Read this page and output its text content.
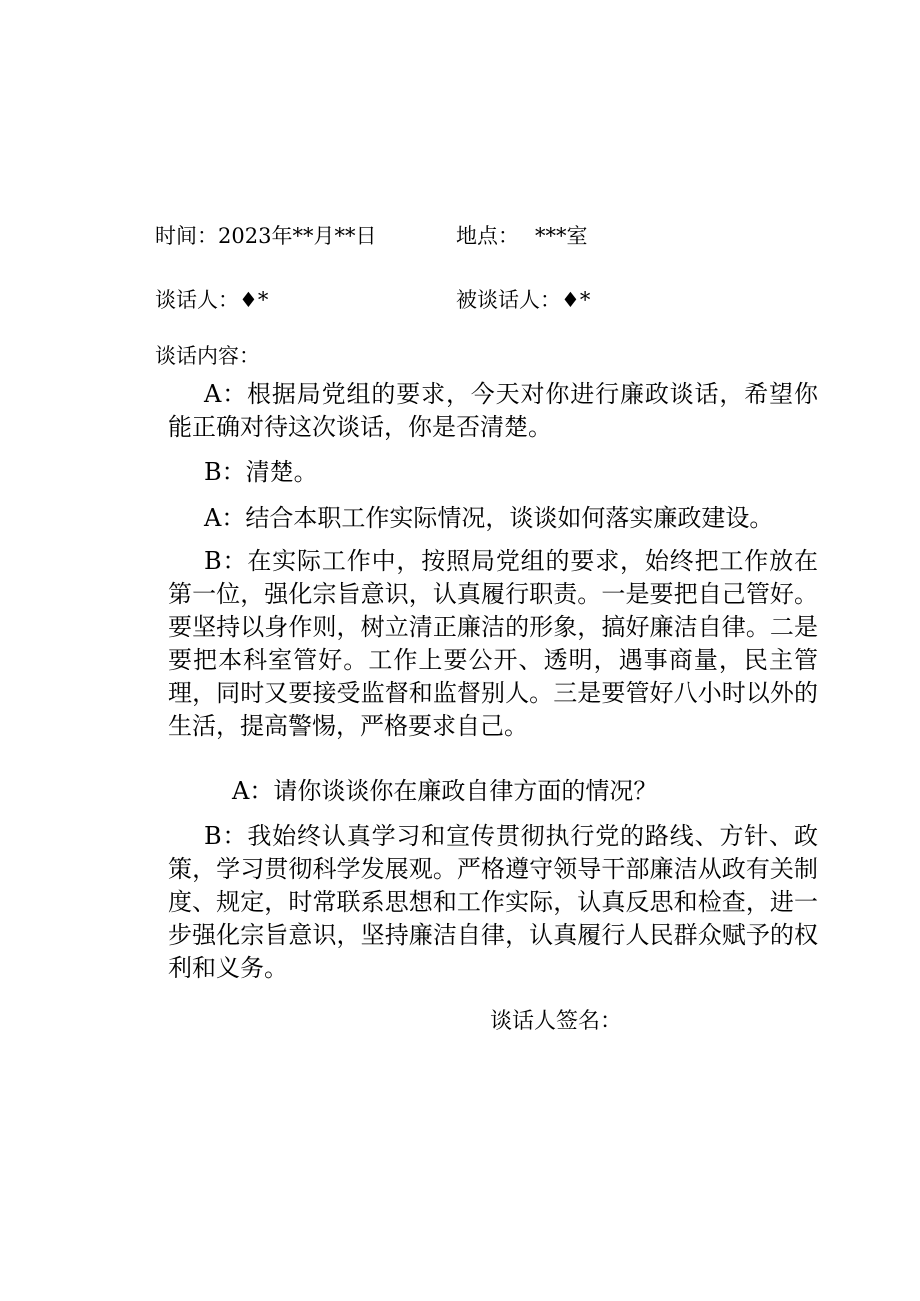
时间：2023年**月**日	地点： ***室
谈话人：♦*	被谈话人：♦*
谈话内容：
A：根据局党组的要求，今天对你进行廉政谈话，希望你能正确对待这次谈话，你是否清楚。
B：清楚。
A：结合本职工作实际情况，谈谈如何落实廉政建设。
B：在实际工作中，按照局党组的要求，始终把工作放在第一位，强化宗旨意识，认真履行职责。一是要把自己管好。要坚持以身作则，树立清正廉洁的形象，搞好廉洁自律。二是要把本科室管好。工作上要公开、透明，遇事商量，民主管理，同时又要接受监督和监督别人。三是要管好八小时以外的生活，提高警惕，严格要求自己。
A：请你谈谈你在廉政自律方面的情况？
B：我始终认真学习和宣传贯彻执行党的路线、方针、政策，学习贯彻科学发展观。严格遵守领导干部廉洁从政有关制度、规定，时常联系思想和工作实际，认真反思和检查，进一步强化宗旨意识，坚持廉洁自律，认真履行人民群众赋予的权利和义务。
谈话人签名：
